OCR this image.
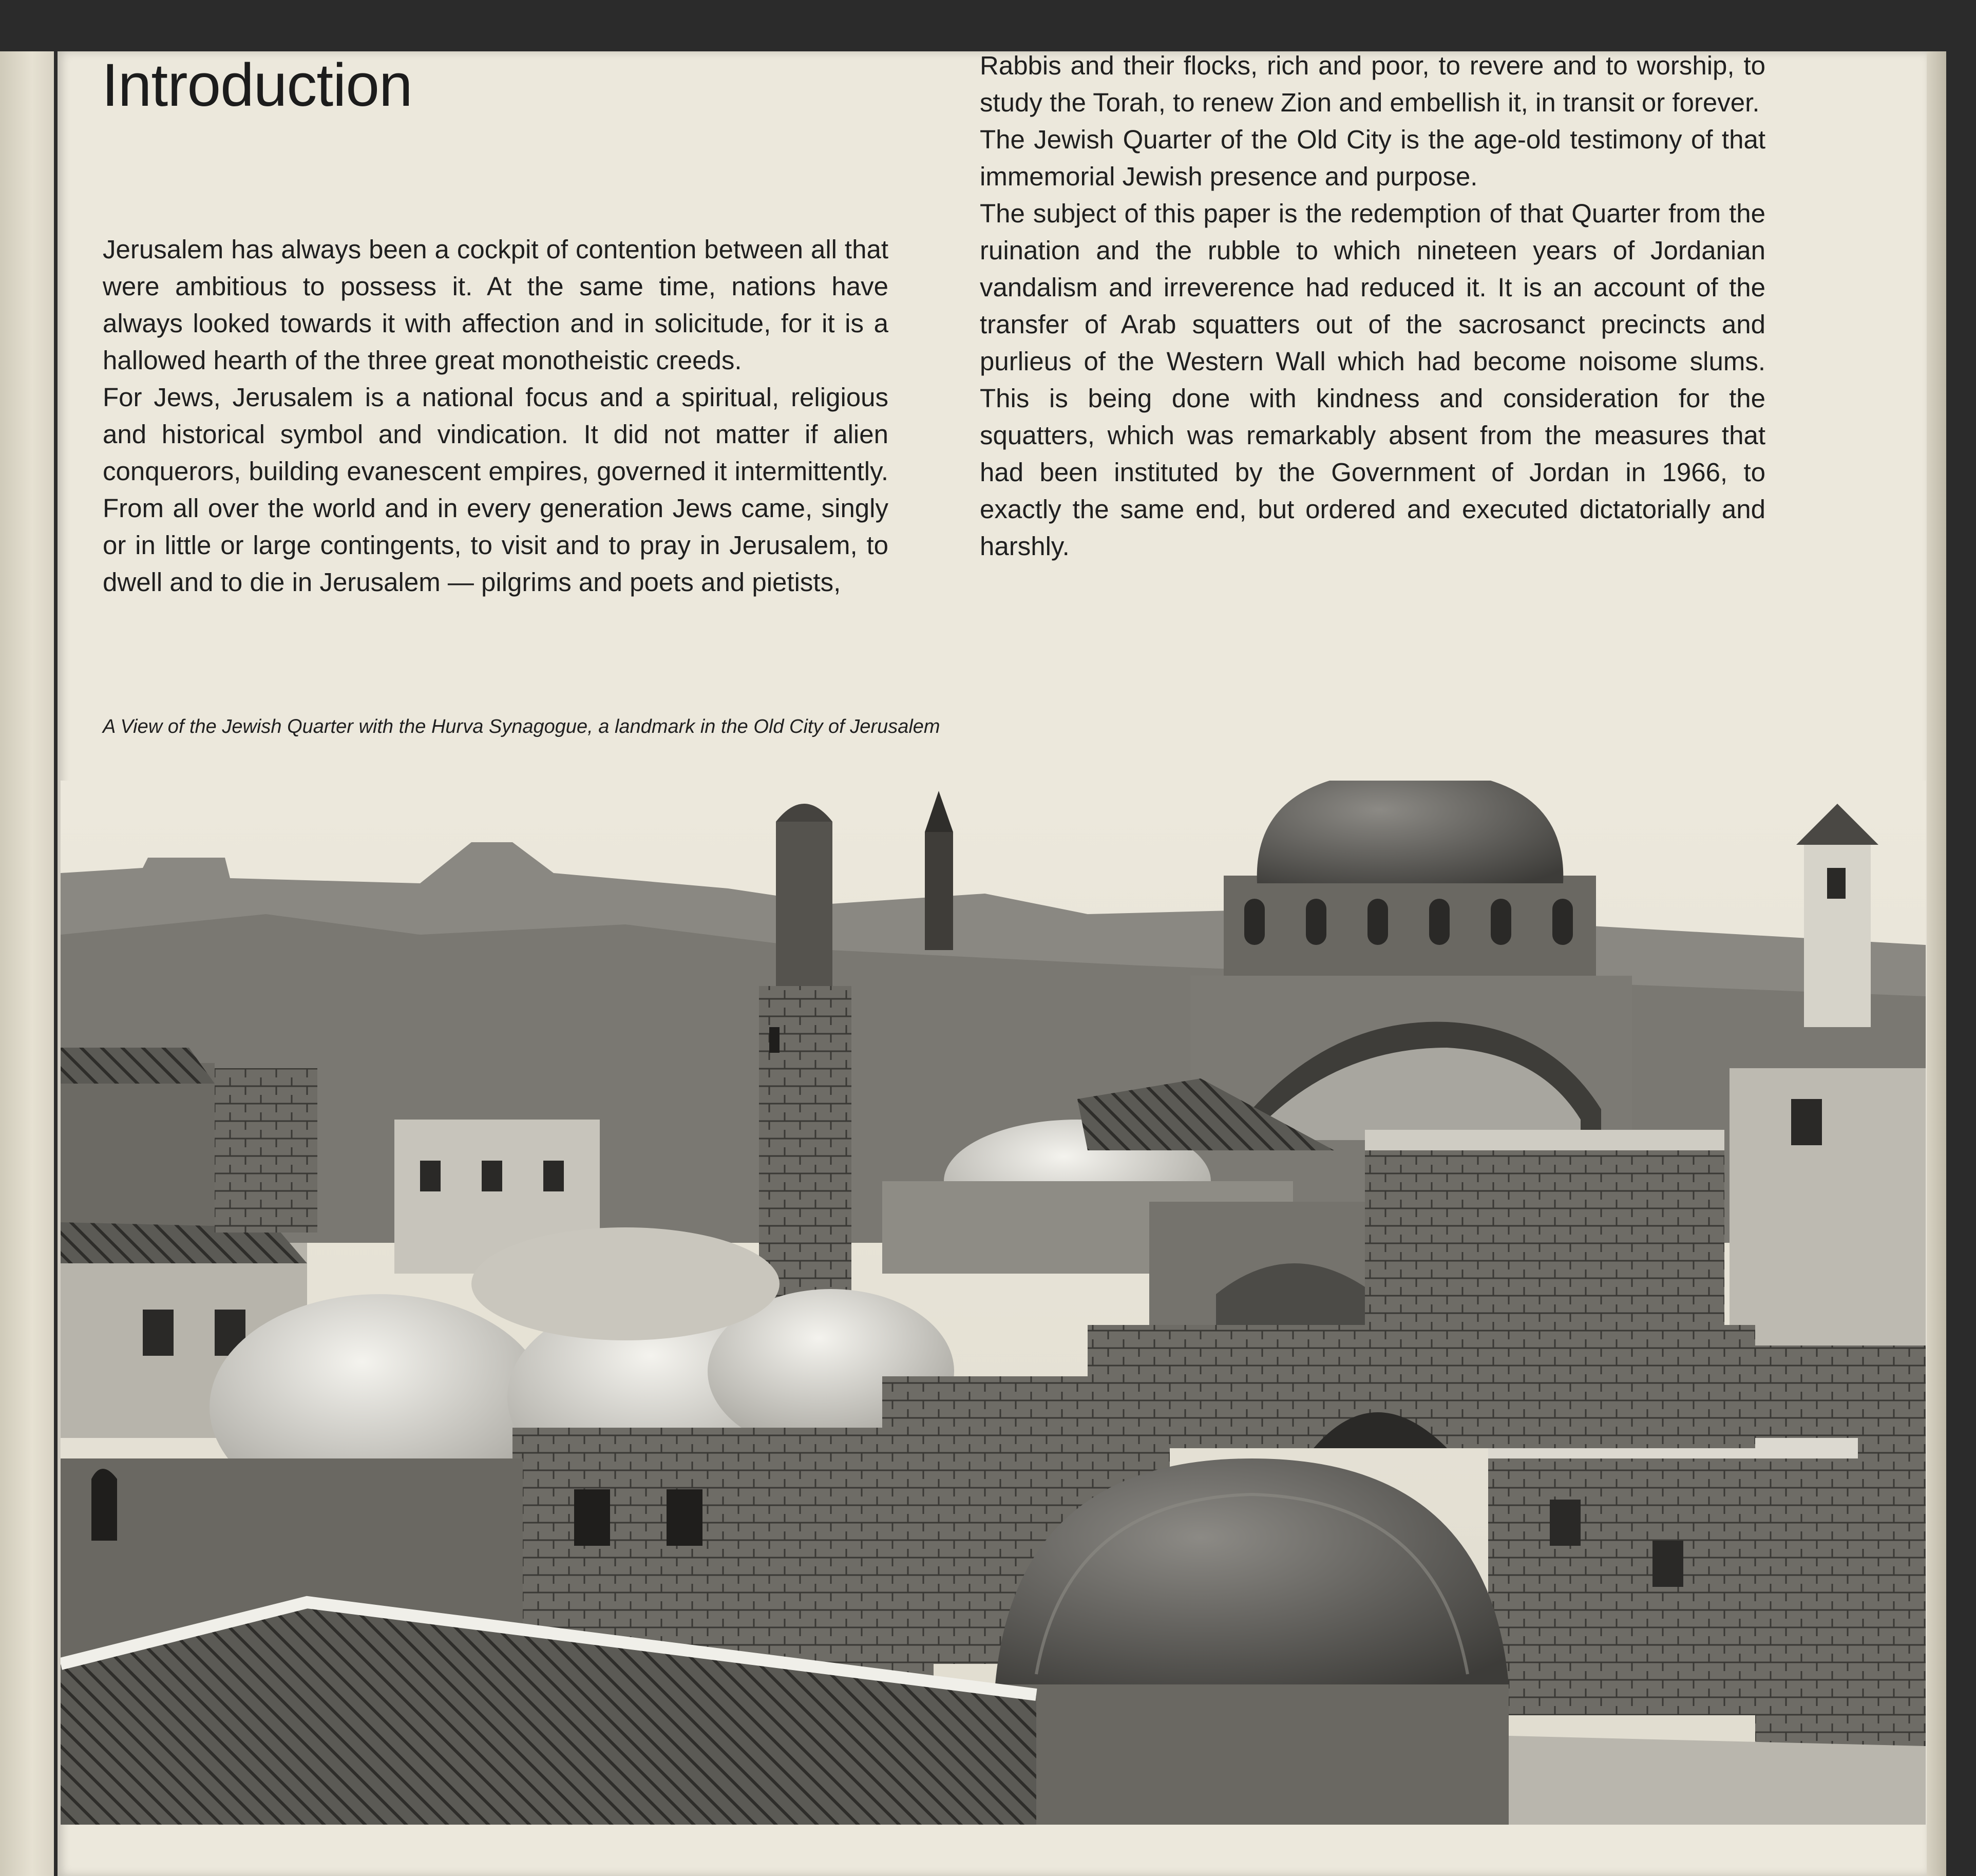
Introduction

Jerusalem has always been a cockpit of contention between all that were ambitious to possess it. At the same time, nations have always looked towards it with affection and in solicitude, for it is a hallowed hearth of the three great monotheistic creeds.

For Jews, Jerusalem is a national focus and a spiritual, religious and historical symbol and vindication. It did not matter if alien conquerors, building evanescent empires, governed it intermittently. From all over the world and in every generation Jews came, singly or in little or large contingents, to visit and to pray in Jerusalem, to dwell and to die in Jerusalem — pilgrims and poets and pietists,

Rabbis and their flocks, rich and poor, to revere and to worship, to study the Torah, to renew Zion and embellish it, in transit or forever.

The Jewish Quarter of the Old City is the age-old testimony of that immemorial Jewish presence and purpose.

The subject of this paper is the redemption of that Quarter from the ruination and the rubble to which nineteen years of Jordanian vandalism and irreverence had reduced it. It is an account of the transfer of Arab squatters out of the sacrosanct precincts and purlieus of the Western Wall which had become noisome slums. This is being done with kindness and consideration for the squatters, which was remarkably absent from the measures that had been instituted by the Government of Jordan in 1966, to exactly the same end, but ordered and executed dictatorially and harshly.

A View of the Jewish Quarter with the Hurva Synagogue, a landmark in the Old City of Jerusalem
